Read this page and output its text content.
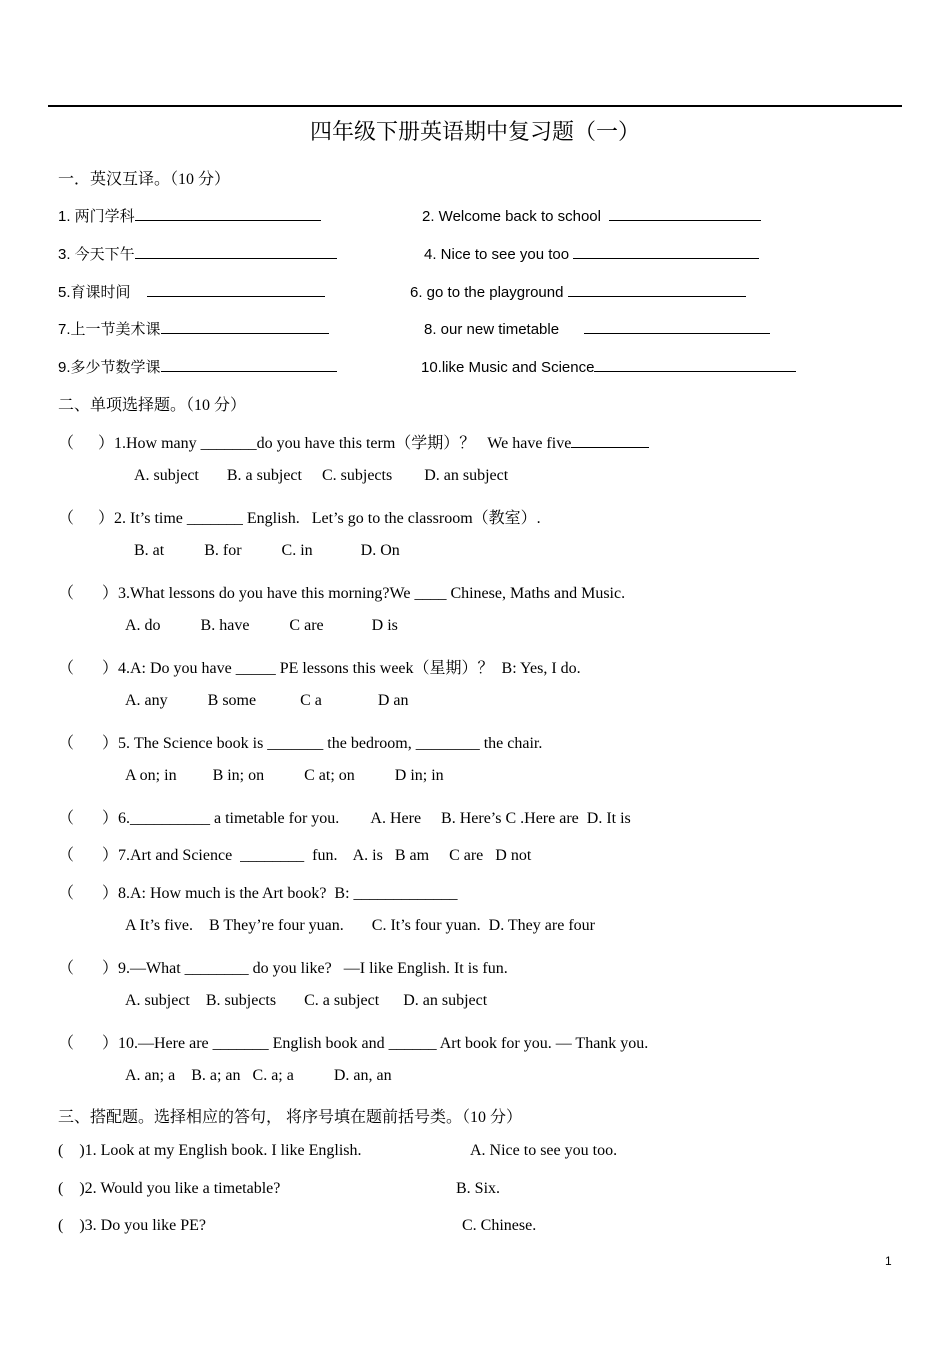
四年级下册英语期中复习题（一）
一．英汉互译。（10 分）
1. 两门学科	2. Welcome back to school
3. 今天下午	4. Nice to see you too
5.育课时间	6. go to the playground
7.上一节美术课	8. our new timetable
9.多少节数学课	10.like Music and Science
二、单项选择题。（10 分）
（      ）1.How many _______do you have this term（学期）？   We have five
A. subject       B. a subject     C. subjects        D. an subject
（      ）2. It’s time _______ English.   Let’s go to the classroom（教室）.
B. at          B. for          C. in            D. On
（       ）3.What lessons do you have this morning?We ____ Chinese, Maths and Music.
A. do          B. have          C are            D is
（       ）4.A: Do you have _____ PE lessons this week（星期）？  B: Yes, I do.
A. any          B some           C a              D an
（       ）5. The Science book is _______ the bedroom, ________ the chair.
A on; in         B in; on          C at; on          D in; in
（       ）6.__________ a timetable for you.        A. Here     B. Here’s C .Here are  D. It is
（       ）7.Art and Science  ________  fun.    A. is   B am     C are   D not
（       ）8.A: How much is the Art book?  B: _____________
A It’s five.    B They’re four yuan.       C. It’s four yuan.  D. They are four
（       ）9.—What ________ do you like?   —I like English. It is fun.
A. subject    B. subjects       C. a subject      D. an subject
（       ）10.—Here are _______ English book and ______ Art book for you. — Thank you.
A. an; a    B. a; an   C. a; a          D. an, an
三、搭配题。选择相应的答句， 将序号填在题前括号类。（10 分）
(    )1. Look at my English book. I like English.	A. Nice to see you too.
(    )2. Would you like a timetable?	B. Six.
(    )3. Do you like PE?	C. Chinese.
1
